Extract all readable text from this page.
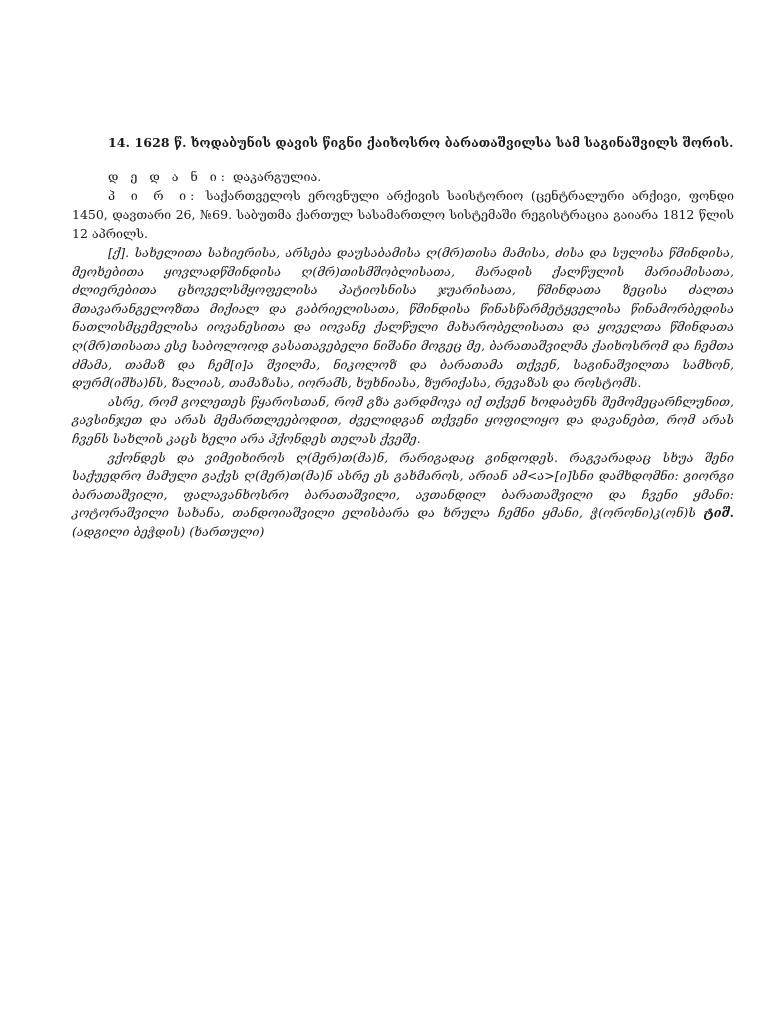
14. 1628 წ. ხოდაბუნის დავის წიგნი ქაიხოსრო ბარათაშვილსა სამ საგინაშვილს შორის.

დ ე დ ა ნ ი: დაკარგულია.

პ ი რ ი: საქართველოს ეროვნული არქივის საისტორიო (ცენტრალური არქივი, ფონდი 1450, დავთარი 26, №69. საბუთმა ქართულ სასამართლო სისტემაში რეგისტრაცია გაიარა 1812 წლის 12 აპრილს.

[ქ]. სახელითა სახიერისა, არსება დაუსაბამისა ღ(მრ)თისა მამისა, ძისა და სულისა წმინდისა, მეოხებითა ყოვლადწმინდისა ღ(მრ)თისმშობლისათა, მარადის ქალწულის მარიამისათა, ძლიერებითა ცხოველსმყოფელისა პატიოსნისა ჯუარისათა, წმინდათა ზეცისა ძალთა მთავარანგელოზთა მიქიალ და გაბრიელისათა, წმინდისა წინასწარმეტყველისა წინამორბედისა ნათლისმცემელისა იოვანესითა და იოვანე ქალწული მახარობელისათა და ყოველთა წმინდათა ღ(მრ)თისათა ესე საბოლოოდ გასათავებელი ნიშანი მოგეც მე, ბარათაშვილმა ქაიხოსრომ და ჩემთა ძმამა, თამაზ და ჩემ[ი]ა შვილმა, ნიკოლოზ და ბარათამა თქვენ, საგინაშვილთა სამხონ, დურმ(იშხა)ნს, ზალიას, თამაზასა, იორამს, ხუხნიასა, ზურიქასა, რევაზას და როსტომს.

ასრე, რომ გოლეთეს წყაროსთან, რომ გზა გარდმოვა იქ თქვენ ხოდაბუნს შემომეცარჩლუნით, გავსინჯეთ და არას მემართლეებოდით, ძველიდგან თქვენი ყოფილიყო და დავანებთ, რომ არას ჩვენს სახლის კაცს ხელი არა ჰქონდეს თელას ქვეშე.

ვქონდეს და ვიმეიხიროს ღ(მერ)თ(მა)ნ, რარიგადაც გინდოდეს. რაგვარადაც სხუა შენი საქუედრო მამული გაქვს ღ(მერ)თ(მა)ნ ასრე ეს გახმაროს, არიან ამ<ა>[ი]სნი დამხდომნი: გიორგი ბარათაშვილი, ფალავანხოსრო ბარათაშვილი, ავთანდილ ბარათაშვილი და ჩვენი ყმანი: კოტორაშვილი სახანა, თანდოიაშვილი ელისბარა და ხრულა ჩემნი ყმანი, ჭ(ორონი)კ(ონ)ს ტიშ. (ადგილი ბეჭდის) (ხართული)
